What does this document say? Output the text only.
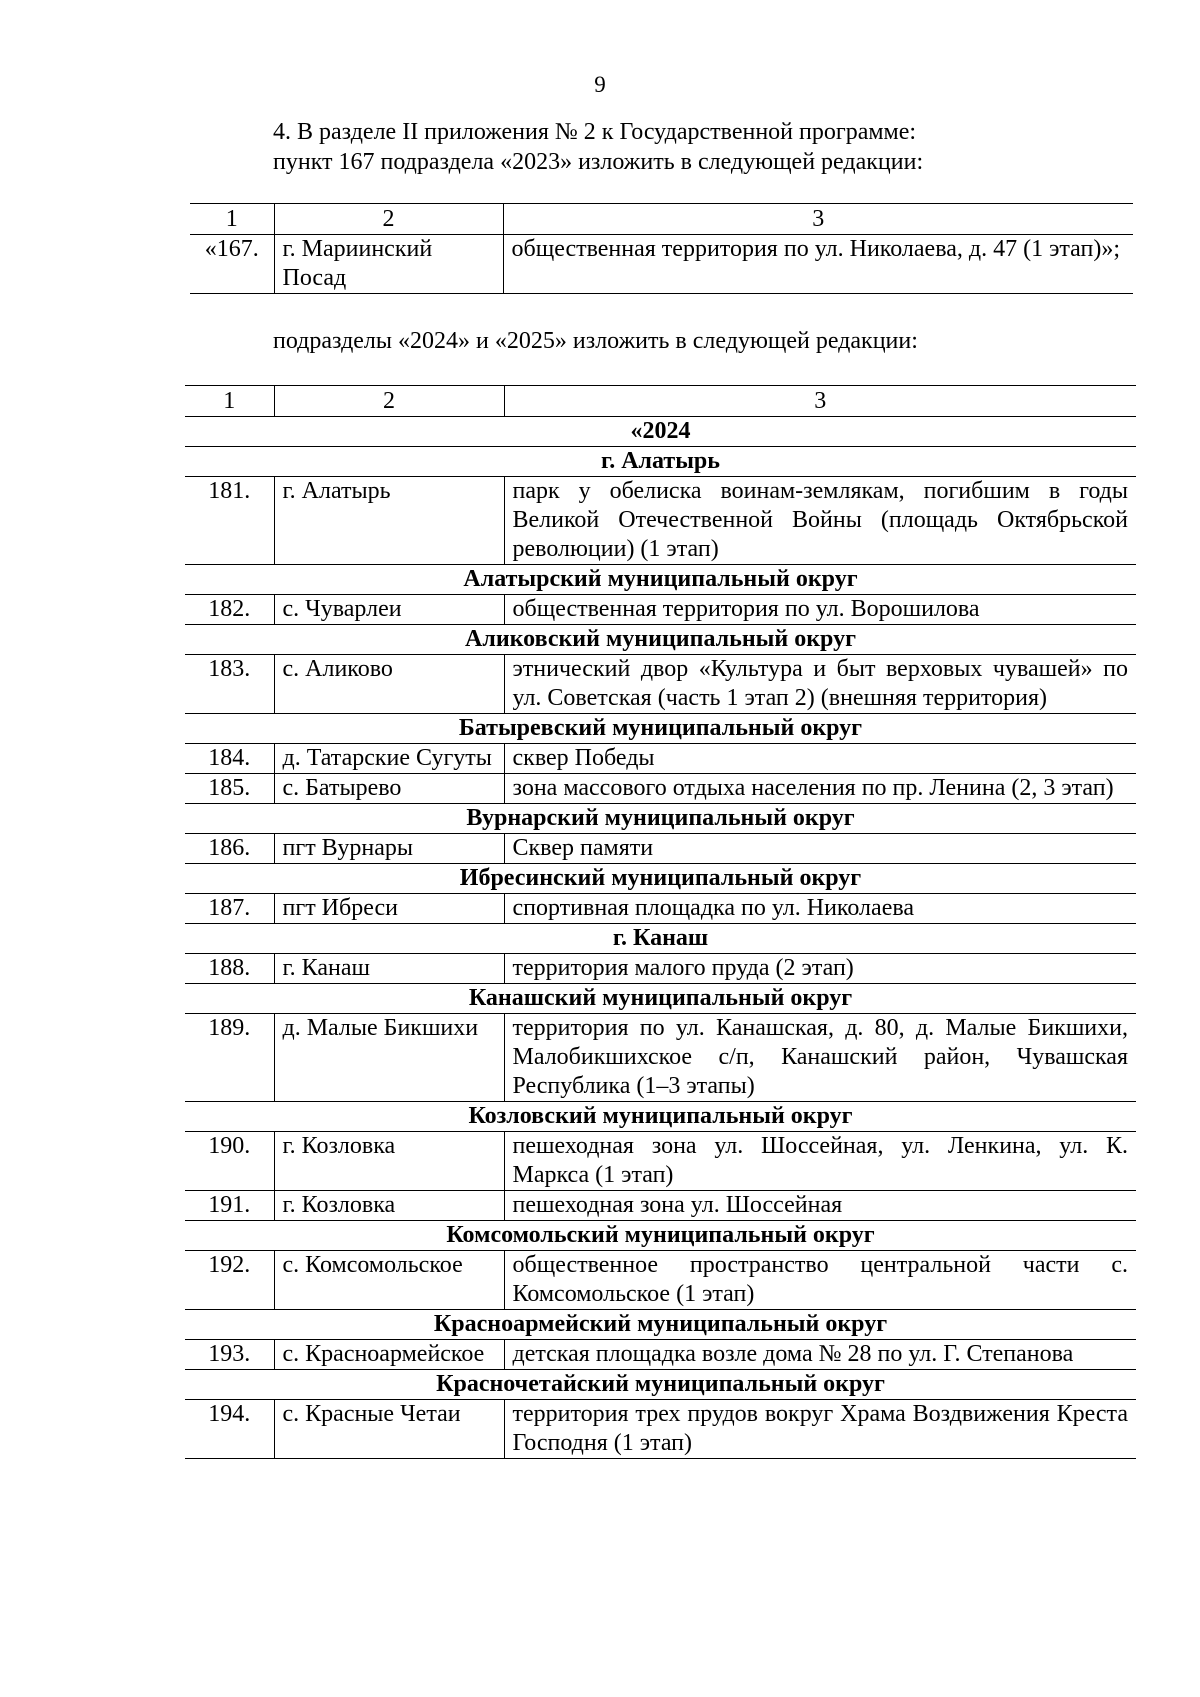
9
4. В разделе II приложения № 2 к Государственной программе:
пункт 167 подраздела «2023» изложить в следующей редакции:
1	2	3
«167.	г. Мариинский Посад	общественная территория по ул. Николаева, д. 47 (1 этап)»;
подразделы «2024» и «2025» изложить в следующей редакции:
1	2	3
«2024		
г. Алатырь		
181.	г. Алатырь	парк у обелиска воинам-землякам, погибшим в годы Великой Отечественной Войны (площадь Октябрьской революции) (1 этап)
Алатырский муниципальный округ		
182.	с. Чуварлеи	общественная территория по ул. Ворошилова
Аликовский муниципальный округ		
183.	с. Аликово	этнический двор «Культура и быт верховых чувашей» по ул. Советская (часть 1 этап 2) (внешняя территория)
Батыревский муниципальный округ		
184.	д. Татарские Сугуты	сквер Победы
185.	с. Батырево	зона массового отдыха населения по пр. Ленина (2, 3 этап)
Вурнарский муниципальный округ		
186.	пгт Вурнары	Сквер памяти
Ибресинский муниципальный округ		
187.	пгт Ибреси	спортивная площадка по ул. Николаева
г. Канаш		
188.	г. Канаш	территория малого пруда (2 этап)
Канашский муниципальный округ		
189.	д. Малые Бикшихи	территория по ул. Канашская, д. 80, д. Малые Бикшихи, Малобикшихское с/п, Канашский район, Чувашская Республика (1–3 этапы)
Козловский муниципальный округ		
190.	г. Козловка	пешеходная зона ул. Шоссейная, ул. Ленкина, ул. К. Маркса (1 этап)
191.	г. Козловка	пешеходная зона ул. Шоссейная
Комсомольский муниципальный округ		
192.	с. Комсомольское	общественное пространство центральной части с. Комсомольское (1 этап)
Красноармейский муниципальный округ		
193.	с. Красноармейское	детская площадка возле дома № 28 по ул. Г. Степанова
Красночетайский муниципальный округ		
194.	с. Красные Четаи	территория трех прудов вокруг Храма Воздвижения Креста Господня (1 этап)
